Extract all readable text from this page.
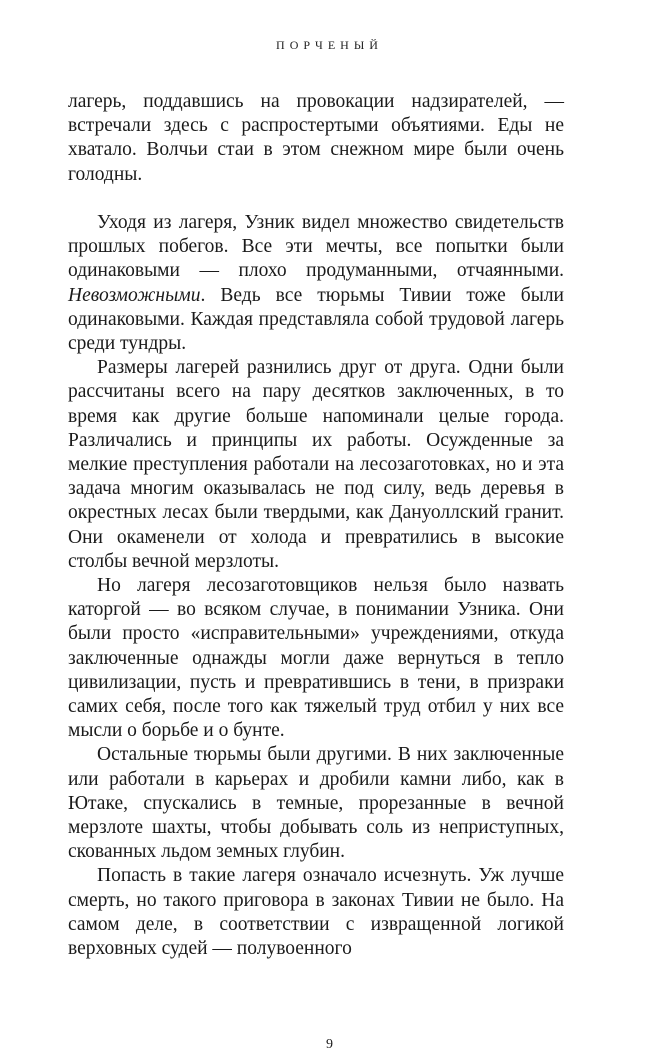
ПОРЧЕНЫЙ

лагерь, поддавшись на провокации надзирателей, — встречали здесь с распростертыми объятиями. Еды не хватало. Волчьи стаи в этом снежном мире были очень голодны.

Уходя из лагеря, Узник видел множество свидетельств прошлых побегов. Все эти мечты, все попытки были одинаковыми — плохо продуманными, отчаянными. Невозможными. Ведь все тюрьмы Тивии тоже были одинаковыми. Каждая представляла собой трудовой лагерь среди тундры.

Размеры лагерей разнились друг от друга. Одни были рассчитаны всего на пару десятков заключенных, в то время как другие больше напоминали целые города. Различались и принципы их работы. Осужденные за мелкие преступления работали на лесозаготовках, но и эта задача многим оказывалась не под силу, ведь деревья в окрестных лесах были твердыми, как Дануоллский гранит. Они окаменели от холода и превратились в высокие столбы вечной мерзлоты.

Но лагеря лесозаготовщиков нельзя было назвать каторгой — во всяком случае, в понимании Узника. Они были просто «исправительными» учреждениями, откуда заключенные однажды могли даже вернуться в тепло цивилизации, пусть и превратившись в тени, в призраки самих себя, после того как тяжелый труд отбил у них все мысли о борьбе и о бунте.

Остальные тюрьмы были другими. В них заключенные или работали в карьерах и дробили камни либо, как в Ютаке, спускались в темные, прорезанные в вечной мерзлоте шахты, чтобы добывать соль из неприступных, скованных льдом земных глубин.

Попасть в такие лагеря означало исчезнуть. Уж лучше смерть, но такого приговора в законах Тивии не было. На самом деле, в соответствии с извращенной логикой верховных судей — полувоенного

9
